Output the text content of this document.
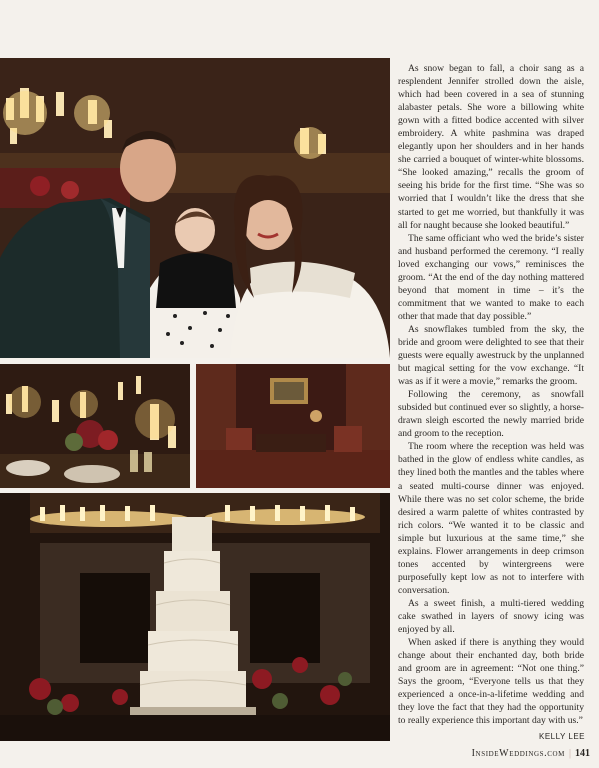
As snow began to fall, a choir sang as a resplendent Jennifer strolled down the aisle, which had been covered in a sea of stunning alabaster petals. She wore a billowing white gown with a fitted bodice accented with silver embroidery. A white pashmina was draped elegantly upon her shoulders and in her hands she carried a bouquet of winter-white blossoms. “She looked amazing,” recalls the groom of seeing his bride for the first time. “She was so worried that I wouldn’t like the dress that she started to get me worried, but thankfully it was all for naught because she looked beautiful.”

The same officiant who wed the bride’s sister and husband performed the ceremony. “I really loved exchanging our vows,” reminisces the groom. “At the end of the day nothing mattered beyond that moment in time – it’s the commitment that we wanted to make to each other that made that day possible.”

As snowflakes tumbled from the sky, the bride and groom were delighted to see that their guests were equally awestruck by the unplanned but magical setting for the vow exchange. “It was as if it were a movie,” remarks the groom.

Following the ceremony, as snowfall subsided but continued ever so slightly, a horse-drawn sleigh escorted the newly married bride and groom to the reception.

The room where the reception was held was bathed in the glow of endless white candles, as they lined both the mantles and the tables where a seated multi-course dinner was enjoyed. While there was no set color scheme, the bride desired a warm palette of whites contrasted by rich colors. “We wanted it to be classic and simple but luxurious at the same time,” she explains. Flower arrangements in deep crimson tones accented by wintergreens were purposefully kept low as not to interfere with conversation.

As a sweet finish, a multi-tiered wedding cake swathed in layers of snowy icing was enjoyed by all.

When asked if there is anything they would change about their enchanted day, both bride and groom are in agreement: “Not one thing.” Says the groom, “Everyone tells us that they experienced a once-in-a-lifetime wedding and they love the fact that they had the opportunity to really experience this important day with us.”

KELLY LEE
InsideWeddings.com | 141
